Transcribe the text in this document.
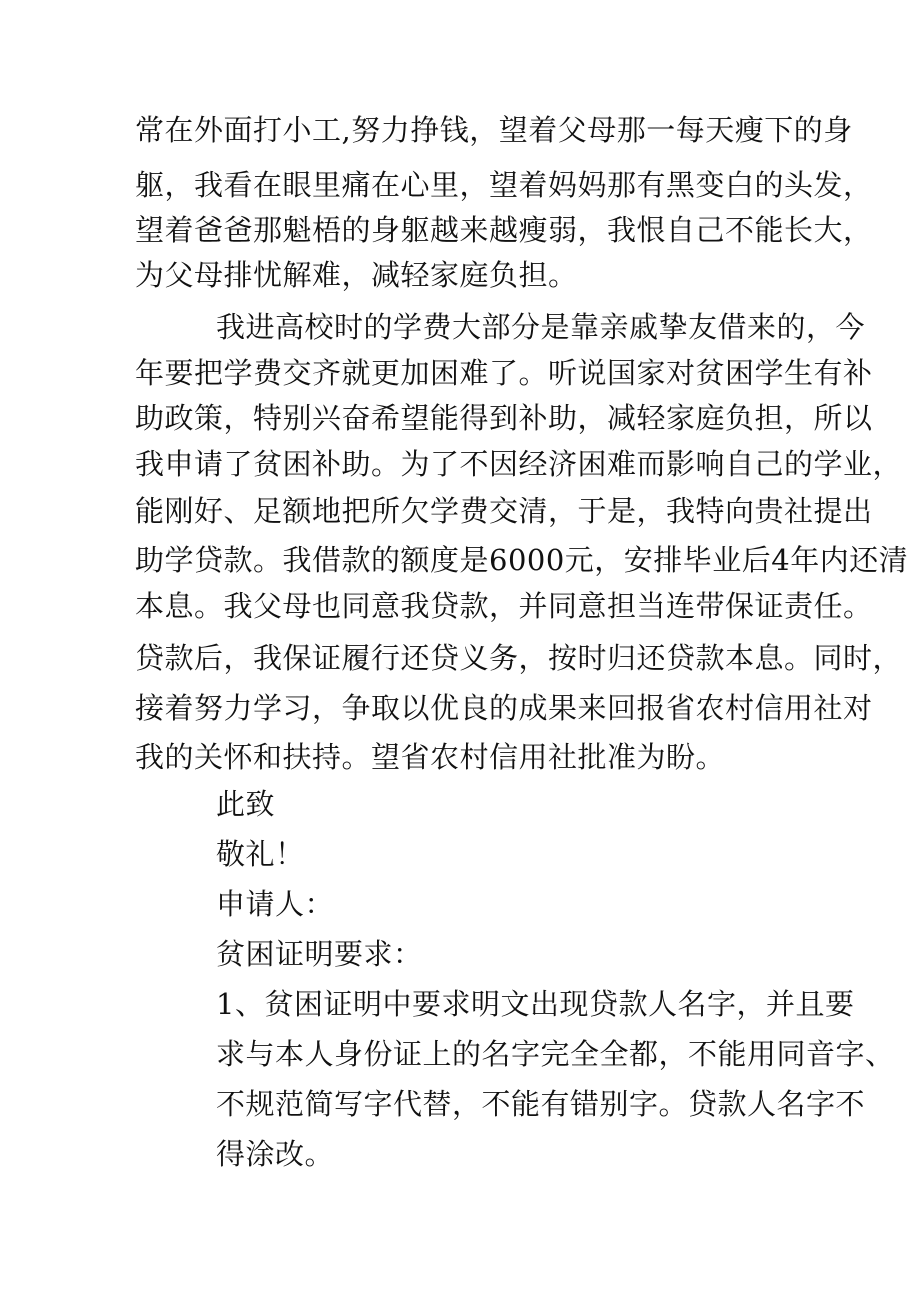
常在外面打小工,努力挣钱，望着父母那一每天瘦下的身
躯，我看在眼里痛在心里，望着妈妈那有黑变白的头发，
望着爸爸那魁梧的身躯越来越瘦弱，我恨自己不能长大，
为父母排忧解难，减轻家庭负担。
我进高校时的学费大部分是靠亲戚挚友借来的，今
年要把学费交齐就更加困难了。听说国家对贫困学生有补
助政策，特别兴奋希望能得到补助，减轻家庭负担，所以
我申请了贫困补助。为了不因经济困难而影响自己的学业，
能刚好、足额地把所欠学费交清，于是，我特向贵社提出
助学贷款。我借款的额度是6000元，安排毕业后4年内还清
本息。我父母也同意我贷款，并同意担当连带保证责任。
贷款后，我保证履行还贷义务，按时归还贷款本息。同时，
接着努力学习，争取以优良的成果来回报省农村信用社对
我的关怀和扶持。望省农村信用社批准为盼。
此致
敬礼！
申请人：
贫困证明要求：
1、贫困证明中要求明文出现贷款人名字，并且要
求与本人身份证上的名字完全全都，不能用同音字、
不规范简写字代替，不能有错别字。贷款人名字不
得涂改。
